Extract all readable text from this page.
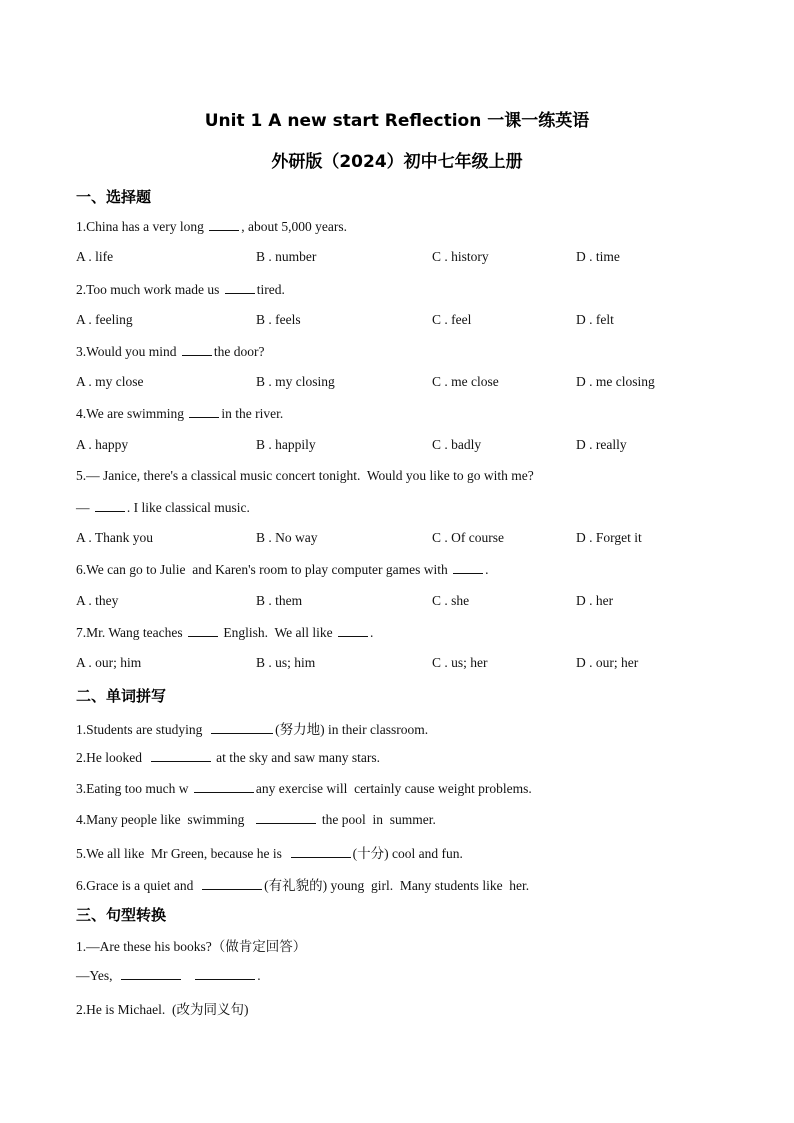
Unit 1 A new start Reflection 一课一练英语
外研版（2024）初中七年级上册
一、选择题
1.China has a very long	, about 5,000 years.
A . life	B . number	C . history	D . time
2.Too much work made us	tired.
A . feeling	B . feels	C . feel	D . felt
3.Would you mind	the door?
A . my close	B . my closing	C . me close	D . me closing
4.We are swimming	in the river.
A . happy	B . happily	C . badly	D . really
5.— Janice, there's a classical music concert tonight.  Would you like to go with me?
—	. I like classical music.
A . Thank you	B . No way	C . Of course	D . Forget it
6.We can go to Julie  and Karen's room to play computer games with	.
A . they	B . them	C . she	D . her
7.Mr. Wang teaches	English.  We all like	.
A . our; him	B . us; him	C . us; her	D . our; her
二、单词拼写
1.Students are studying	(努力地) in their classroom.
2.He looked	at the sky and saw many stars.
3.Eating too much w	any exercise will  certainly cause weight problems.
4.Many people like  swimming	the pool  in  summer.
5.We all like  Mr Green, because he is	(十分) cool and fun.
6.Grace is a quiet and	(有礼貌的) young  girl.  Many students like  her.
三、句型转换
1.—Are these his books?（做肯定回答）
—Yes,	.
2.He is Michael.  (改为同义句)
